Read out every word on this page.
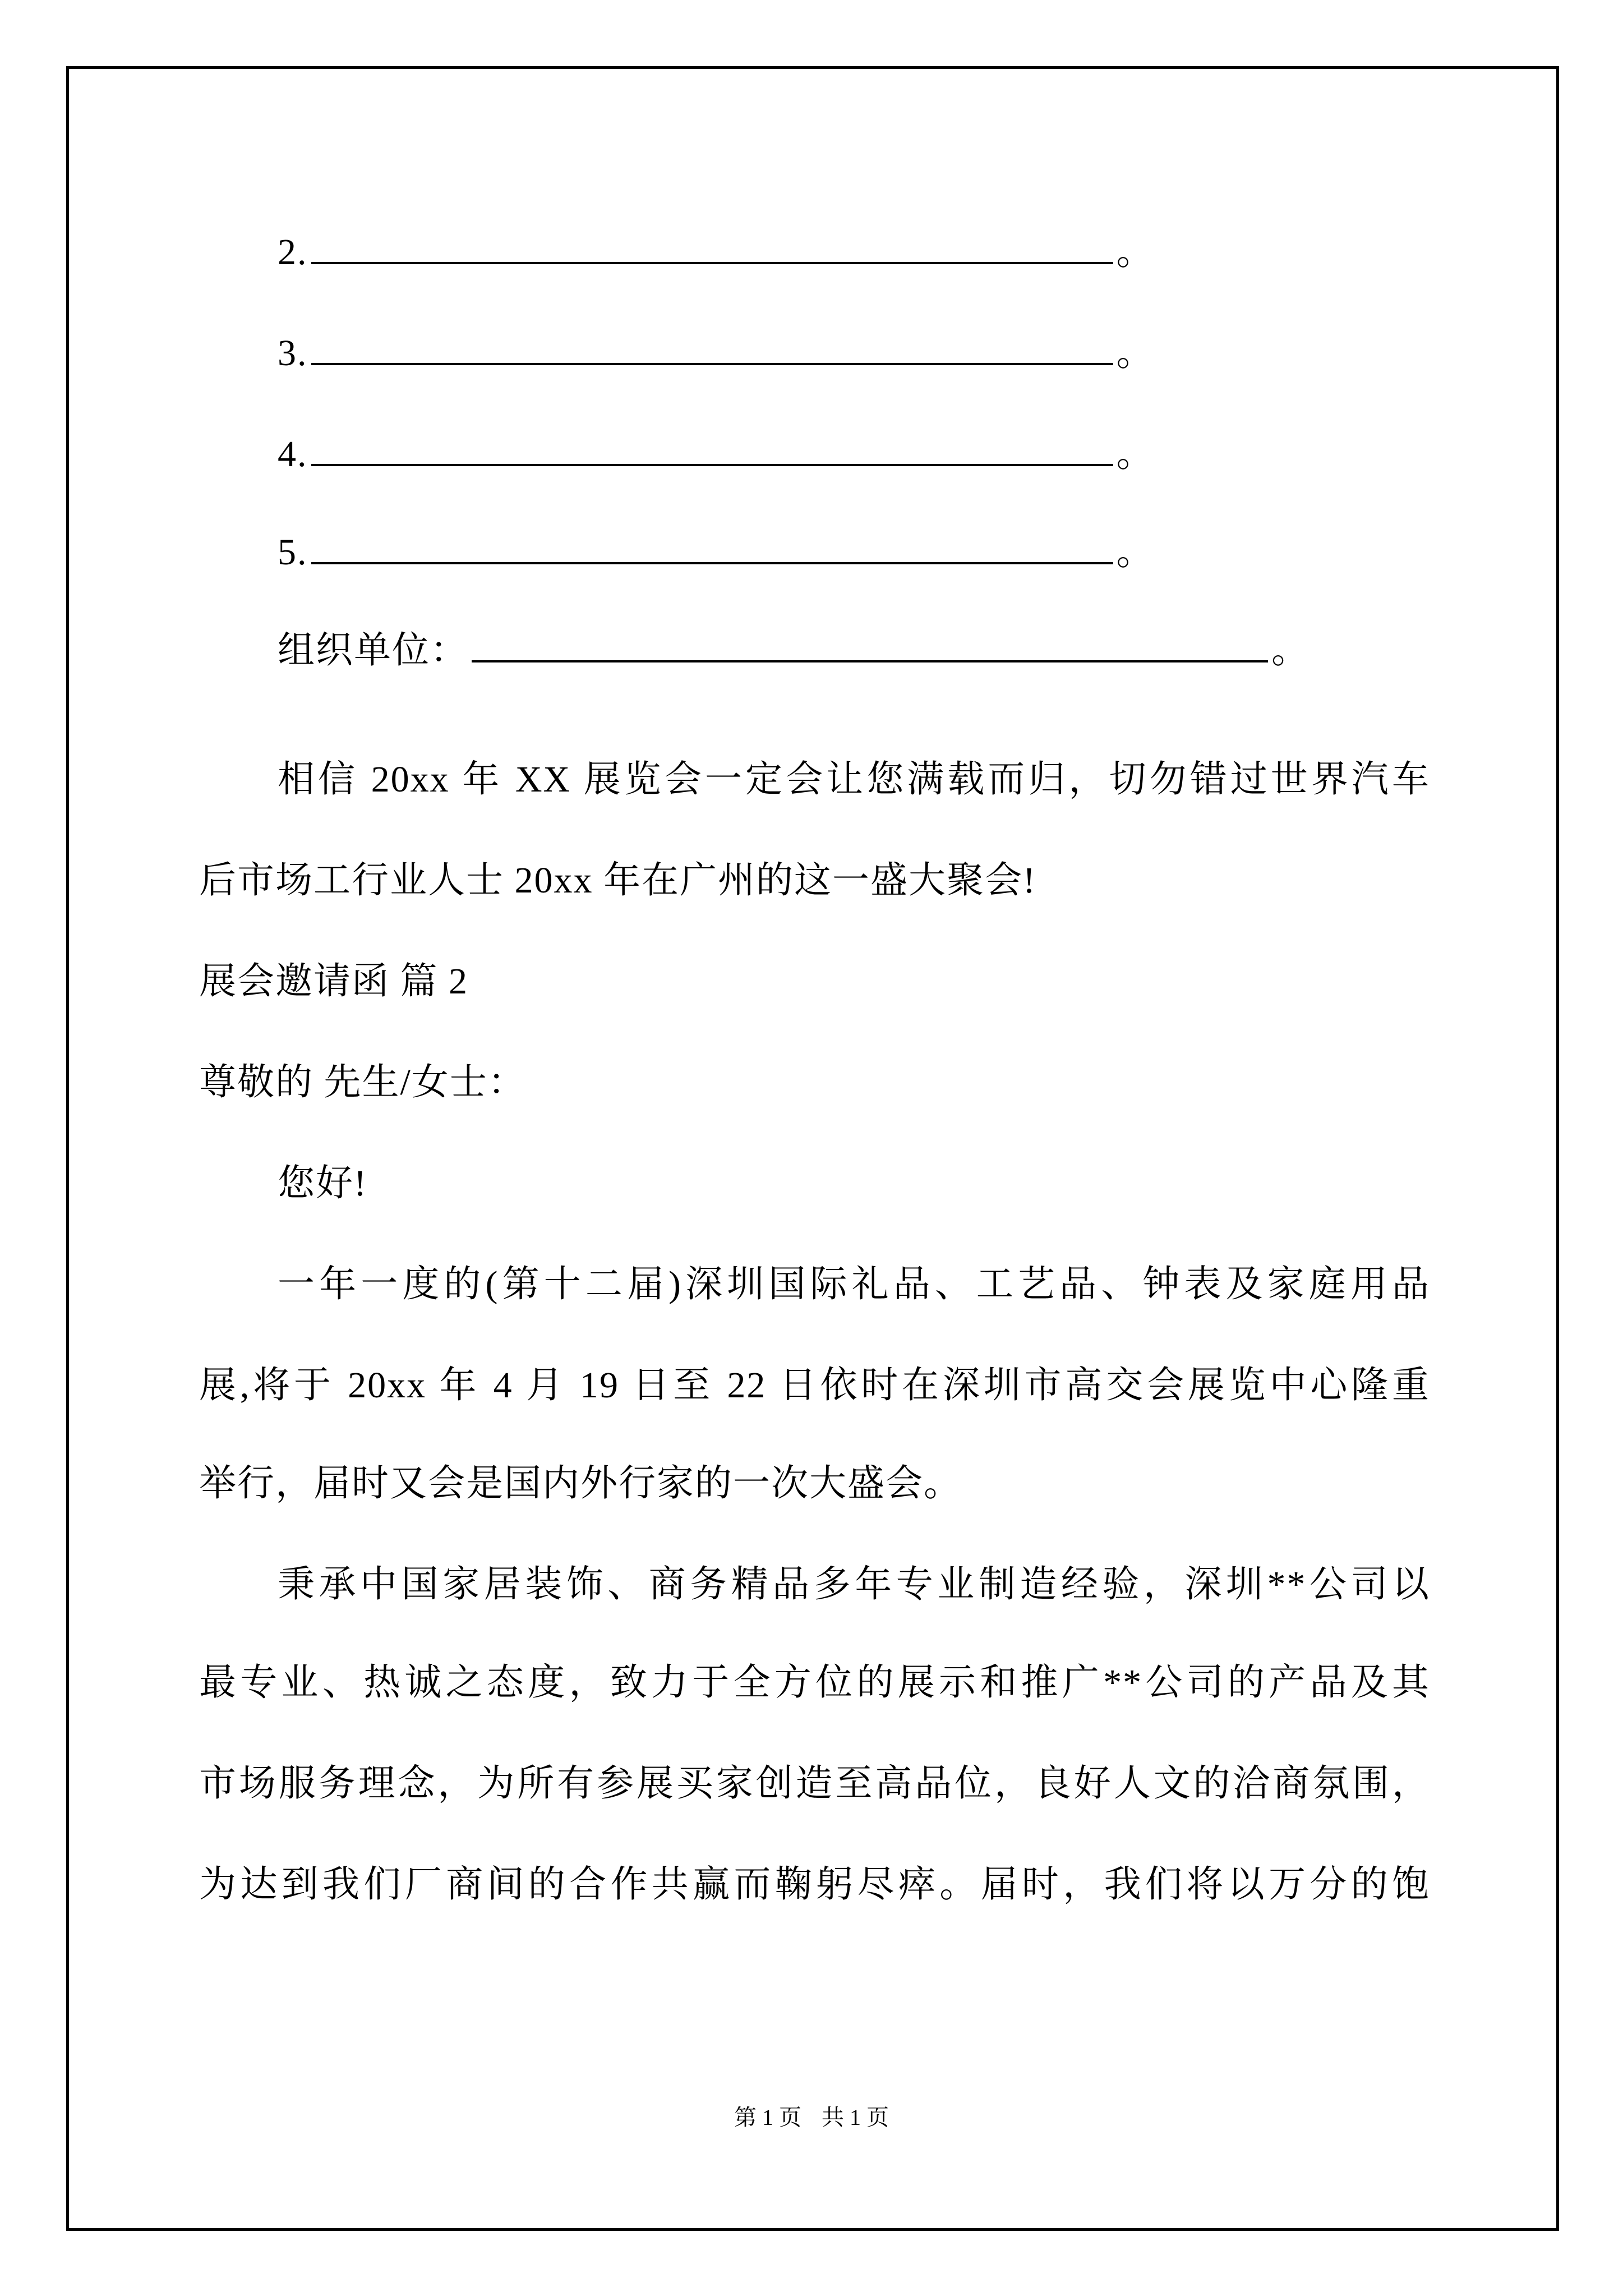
2.	。
3.	。
4.	。
5.	。
组织单位：	。
相信 20xx 年 XX 展览会一定会让您满载而归，切勿错过世界汽车
后市场工行业人士 20xx 年在广州的这一盛大聚会!
展会邀请函 篇 2
尊敬的 先生/女士：
您好!
一年一度的(第十二届)深圳国际礼品、工艺品、钟表及家庭用品
展,将于 20xx 年 4 月 19 日至 22 日依时在深圳市高交会展览中心隆重
举行，届时又会是国内外行家的一次大盛会。
秉承中国家居装饰、商务精品多年专业制造经验，深圳**公司以
最专业、热诚之态度，致力于全方位的展示和推广**公司的产品及其
市场服务理念，为所有参展买家创造至高品位，良好人文的洽商氛围，
为达到我们厂商间的合作共赢而鞠躬尽瘁。届时，我们将以万分的饱
第 1 页 共 1 页
